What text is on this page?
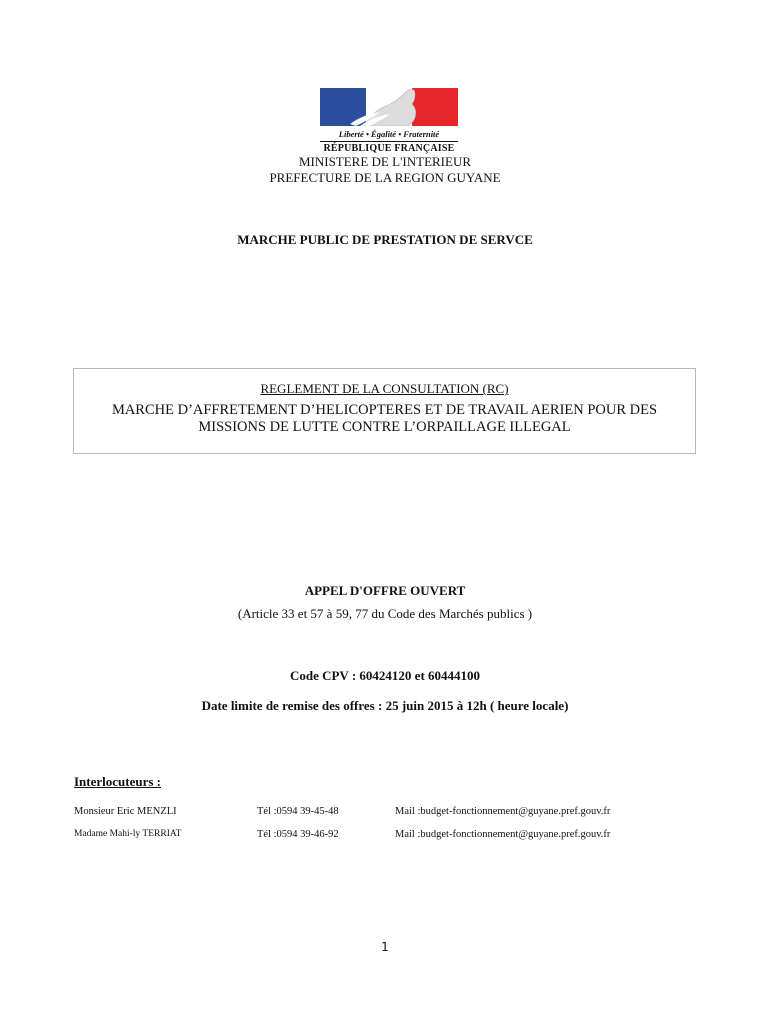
Liberté • Égalité • Fraternité
RÉPUBLIQUE FRANÇAISE
MINISTERE DE L'INTERIEUR
PREFECTURE DE LA REGION GUYANE
MARCHE PUBLIC DE PRESTATION DE SERVCE
REGLEMENT DE LA CONSULTATION (RC)
MARCHE D’AFFRETEMENT D’HELICOPTERES ET DE TRAVAIL AERIEN POUR DES
MISSIONS DE LUTTE CONTRE L’ORPAILLAGE ILLEGAL
APPEL D'OFFRE OUVERT
(Article 33 et 57 à 59, 77 du Code des Marchés publics )
Code CPV : 60424120 et 60444100
Date limite de remise des offres : 25 juin 2015 à 12h ( heure locale)
Interlocuteurs :
Monsieur Eric MENZLI	Tél :0594 39-45-48	Mail :budget-fonctionnement@guyane.pref.gouv.fr
Madame Mahi-ly TERRIAT	Tél :0594 39-46-92	Mail :budget-fonctionnement@guyane.pref.gouv.fr
1
